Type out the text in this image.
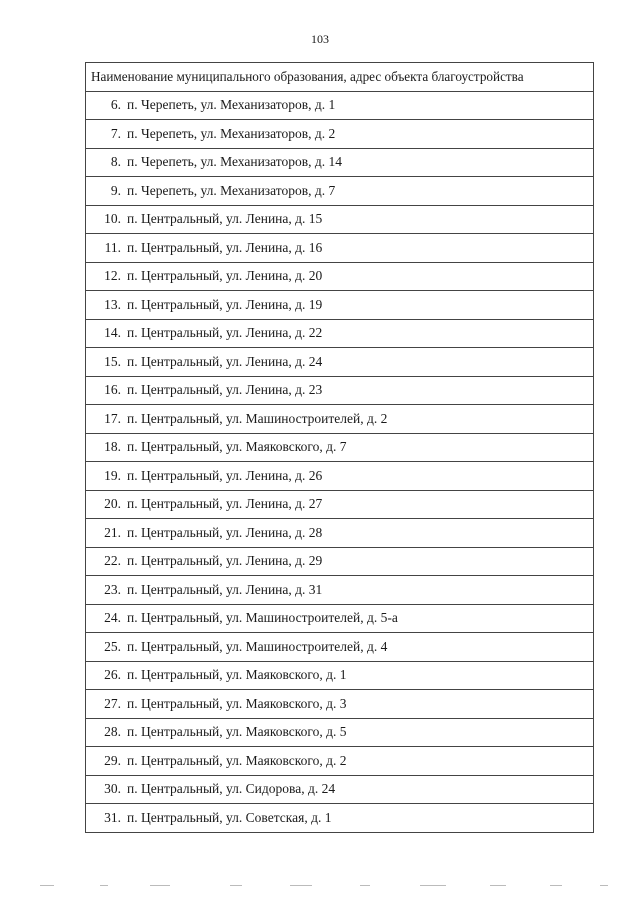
103
Наименование муниципального образования, адрес объекта благоустройства
6. п. Черепеть, ул. Механизаторов, д. 1
7. п. Черепеть, ул. Механизаторов, д. 2
8. п. Черепеть, ул. Механизаторов, д. 14
9. п. Черепеть, ул. Механизаторов, д. 7
10. п. Центральный, ул. Ленина, д. 15
11. п. Центральный, ул. Ленина, д. 16
12. п. Центральный, ул. Ленина, д. 20
13. п. Центральный, ул. Ленина, д. 19
14. п. Центральный, ул. Ленина, д. 22
15. п. Центральный, ул. Ленина, д. 24
16. п. Центральный, ул. Ленина, д. 23
17. п. Центральный, ул. Машиностроителей, д. 2
18. п. Центральный, ул. Маяковского, д. 7
19. п. Центральный, ул. Ленина, д. 26
20. п. Центральный, ул. Ленина, д. 27
21. п. Центральный, ул. Ленина, д. 28
22. п. Центральный, ул. Ленина, д. 29
23. п. Центральный, ул. Ленина, д. 31
24. п. Центральный, ул. Машиностроителей, д. 5-а
25. п. Центральный, ул. Машиностроителей, д. 4
26. п. Центральный, ул. Маяковского, д. 1
27. п. Центральный, ул. Маяковского, д. 3
28. п. Центральный, ул. Маяковского, д. 5
29. п. Центральный, ул. Маяковского, д. 2
30. п. Центральный, ул. Сидорова, д. 24
31. п. Центральный, ул. Советская, д. 1
